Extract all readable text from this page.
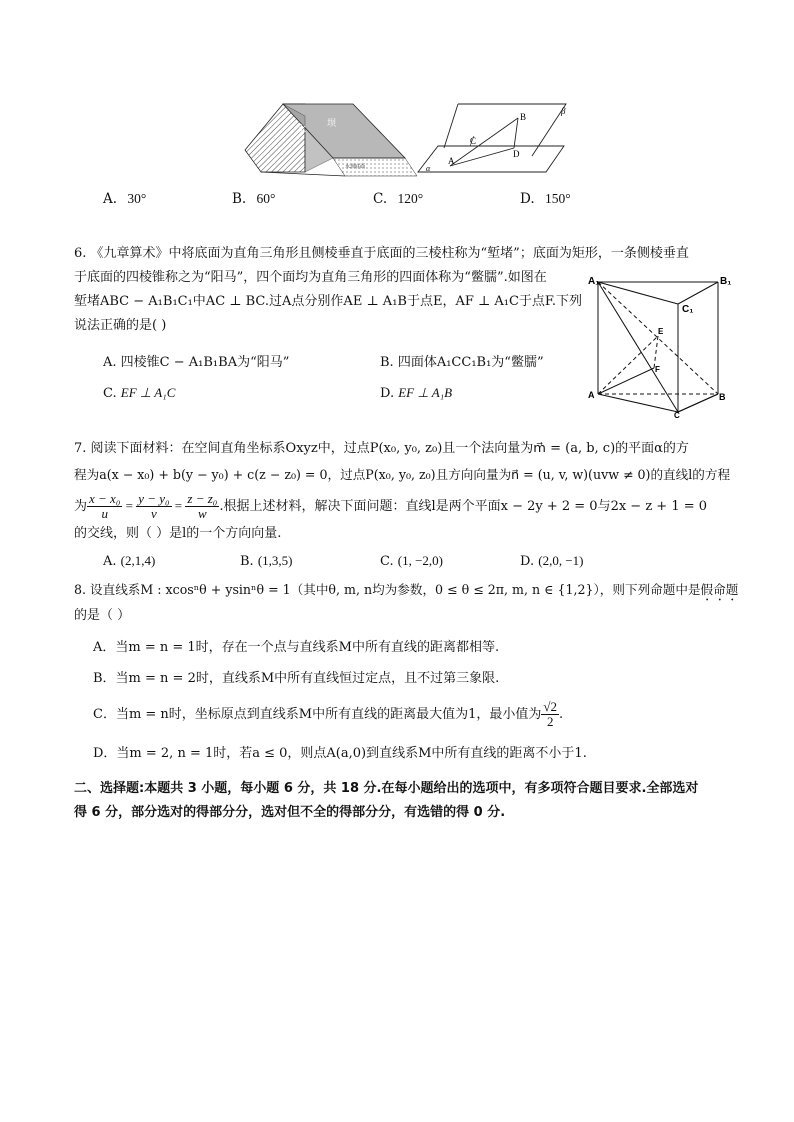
水
坝
水坝底面
β
B
C
A
D
α
A. 30°	B. 60°	C. 120°	D. 150°
6. 《九章算术》中将底面为直角三角形且侧棱垂直于底面的三棱柱称为“堑堵”；底面为矩形，一条侧棱垂直
于底面的四棱锥称之为“阳马”，四个面均为直角三角形的四面体称为“鳖臑”.如图在
堑堵ABC − A₁B₁C₁中AC ⊥ BC.过A点分别作AE ⊥ A₁B于点E，AF ⊥ A₁C于点F.下列
说法正确的是( )
A. 四棱锥C − A₁B₁BA为“阳马”	B. 四面体A₁CC₁B₁为“鳖臑”
C. EF ⊥ A₁C	D. EF ⊥ A₁B
A₁	B₁
C₁
E
F
A	B
C
7. 阅读下面材料：在空间直角坐标系Oxyz中，过点P(x₀, y₀, z₀)且一个法向量为m⃗ = (a, b, c)的平面α的方
程为a(x − x₀) + b(y − y₀) + c(z − z₀) = 0，过点P(x₀, y₀, z₀)且方向向量为n⃗ = (u, v, w)(uvw ≠ 0)的直线l的方程
为 $\frac{\text{x − x₀}}{u} = \frac{\text{y − y₀}}{v} = \frac{\text{z − z₀}}{w}$ .根据上述材料，解决下面问题：直线l是两个平面x − 2y + 2 = 0与2x − z + 1 = 0
的交线，则（ ）是l的一个方向向量.
A. (2,1,4)	B. (1,3,5)	C. (1, −2,0)	D. (2,0, −1)
8. 设直线系M : xcosⁿθ + ysinⁿθ = 1（其中θ, m, n均为参数，0 ≤ θ ≤ 2π, m, n ∈ {1,2}），则下列命题中是假命题
的是（ ）
A．当m = n = 1时，存在一个点与直线系M中所有直线的距离都相等.
B．当m = n = 2时，直线系M中所有直线恒过定点，且不过第三象限.
C．当m = n时，坐标原点到直线系M中所有直线的距离最大值为1，最小值为 $\frac{√2}{2}$ .
D．当m = 2, n = 1时，若a ≤ 0，则点A(a,0)到直线系M中所有直线的距离不小于1.
二、选择题:本题共 3 小题，每小题 6 分，共 18 分.在每小题给出的选项中，有多项符合题目要求.全部选对
得 6 分，部分选对的得部分分，选对但不全的得部分分，有选错的得 0 分.
